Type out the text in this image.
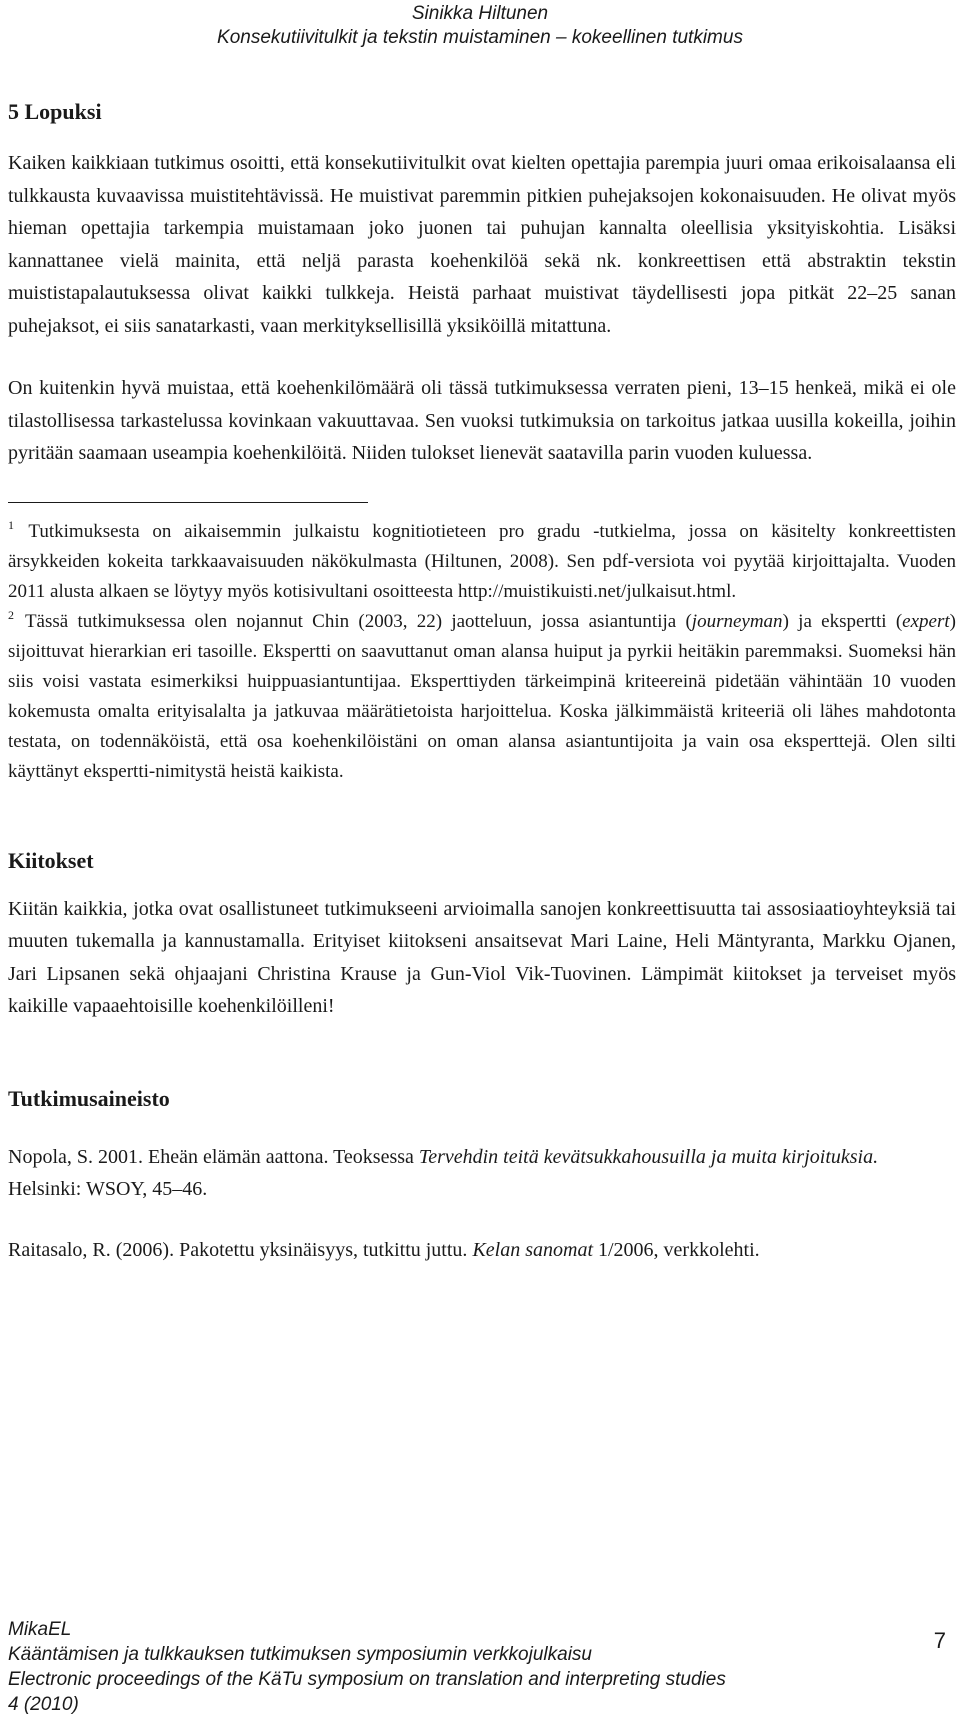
Sinikka Hiltunen
Konsekutiivitulkit ja tekstin muistaminen – kokeellinen tutkimus
5 Lopuksi

Kaiken kaikkiaan tutkimus osoitti, että konsekutiivitulkit ovat kielten opettajia parempia juuri omaa erikoisalaansa eli tulkkausta kuvaavissa muistitehtävissä. He muistivat paremmin pitkien puhejaksojen kokonaisuuden. He olivat myös hieman opettajia tarkempia muistamaan joko juonen tai puhujan kannalta oleellisia yksityiskohtia. Lisäksi kannattanee vielä mainita, että neljä parasta koehenkilöä sekä nk. konkreettisen että abstraktin tekstin muististapalautuksessa olivat kaikki tulkkeja. Heistä parhaat muistivat täydellisesti jopa pitkät 22–25 sanan puhejaksot, ei siis sanatarkasti, vaan merkityksellisillä yksiköillä mitattuna.

On kuitenkin hyvä muistaa, että koehenkilömäärä oli tässä tutkimuksessa verraten pieni, 13–15 henkeä, mikä ei ole tilastollisessa tarkastelussa kovinkaan vakuuttavaa. Sen vuoksi tutkimuksia on tarkoitus jatkaa uusilla kokeilla, joihin pyritään saamaan useampia koehenkilöitä. Niiden tulokset lienevät saatavilla parin vuoden kuluessa.

$^1$ Tutkimuksesta on aikaisemmin julkaistu kognitiotieteen pro gradu -tutkielma, jossa on käsitelty konkreettisten ärsykkeiden kokeita tarkkaavaisuuden näkökulmasta (Hiltunen, 2008). Sen pdf-versiota voi pyytää kirjoittajalta. Vuoden 2011 alusta alkaen se löytyy myös kotisivultani osoitteesta http://muistikuisti.net/julkaisut.html.

$^2$ Tässä tutkimuksessa olen nojannut Chin (2003, 22) jaotteluun, jossa asiantuntija (journeyman) ja ekspertti (expert) sijoittuvat hierarkian eri tasoille. Ekspertti on saavuttanut oman alansa huiput ja pyrkii heitäkin paremmaksi. Suomeksi hän siis voisi vastata esimerkiksi huippuasiantuntijaa. Eksperttiyden tärkeimpinä kriteereinä pidetään vähintään 10 vuoden kokemusta omalta erityisalalta ja jatkuvaa määrätietoista harjoittelua. Koska jälkimmäistä kriteeriä oli lähes mahdotonta testata, on todennäköistä, että osa koehenkilöistäni on oman alansa asiantuntijoita ja vain osa eksperttejä. Olen silti käyttänyt ekspertti-nimitystä heistä kaikista.

Kiitokset

Kiitän kaikkia, jotka ovat osallistuneet tutkimukseeni arvioimalla sanojen konkreettisuutta tai assosiaatioyhteyksiä tai muuten tukemalla ja kannustamalla. Erityiset kiitokseni ansaitsevat Mari Laine, Heli Mäntyranta, Markku Ojanen, Jari Lipsanen sekä ohjaajani Christina Krause ja Gun-Viol Vik-Tuovinen. Lämpimät kiitokset ja terveiset myös kaikille vapaaehtoisille koehenkilöilleni!

Tutkimusaineisto

Nopola, S. 2001. Eheän elämän aattona. Teoksessa Tervehdin teitä kevätsukkahousuilla ja muita kirjoituksia. Helsinki: WSOY, 45–46.

Raitasalo, R. (2006). Pakotettu yksinäisyys, tutkittu juttu. Kelan sanomat 1/2006, verkkolehti.

MikaEL
Kääntämisen ja tulkkauksen tutkimuksen symposiumin verkkojulkaisu
Electronic proceedings of the KäTu symposium on translation and interpreting studies
4 (2010)
7
